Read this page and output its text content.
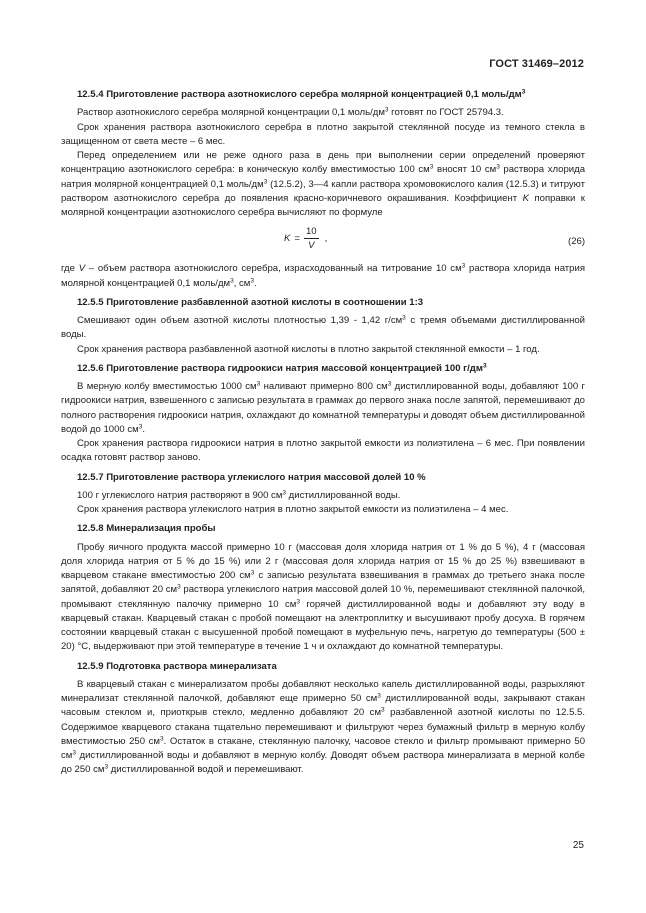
ГОСТ 31469–2012

12.5.4 Приготовление раствора азотнокислого серебра молярной концентрацией 0,1 моль/$дм^3$

Раствор азотнокислого серебра молярной концентрации 0,1 моль/$дм^3$ готовят по ГОСТ 25794.3.

Срок хранения раствора азотнокислого серебра в плотно закрытой стеклянной посуде из темного стекла в защищенном от света месте – 6 мес.

Перед определением или не реже одного раза в день при выполнении серии определений проверяют концентрацию азотнокислого серебра: в коническую колбу вместимостью 100 $см^3$ вносят 10 $см^3$ раствора хлорида натрия молярной концентрацией 0,1 моль/$дм^3$ (12.5.2), 3—4 капли раствора хромовокислого калия (12.5.3) и титруют раствором азотнокислого серебра до появления красно-коричневого окрашивания. Коэффициент K поправки к молярной концентрации азотнокислого серебра вычисляют по формуле

$K = \frac{10}{V}$ ,	(26)

где V – объем раствора азотнокислого серебра, израсходованный на титрование 10 $см^3$ раствора хлорида натрия молярной концентрацией 0,1 моль/$дм^3$, $см^3$.

12.5.5 Приготовление разбавленной азотной кислоты в соотношении 1:3

Смешивают один объем азотной кислоты плотностью 1,39 - 1,42 $г/см^3$ с тремя объемами дистиллированной воды.

Срок хранения раствора разбавленной азотной кислоты в плотно закрытой стеклянной емкости – 1 год.

12.5.6 Приготовление раствора гидроокиси натрия массовой концентрацией 100 $г/дм^3$

В мерную колбу вместимостью 1000 $см^3$ наливают примерно 800 $см^3$ дистиллированной воды, добавляют 100 г гидроокиси натрия, взвешенного с записью результата в граммах до первого знака после запятой, перемешивают до полного растворения гидроокиси натрия, охлаждают до комнатной температуры и доводят объем дистиллированной водой до 1000 $см^3$.

Срок хранения раствора гидроокиси натрия в плотно закрытой емкости из полиэтилена – 6 мес. При появлении осадка готовят раствор заново.

12.5.7 Приготовление раствора углекислого натрия массовой долей 10 %

100 г углекислого натрия растворяют в 900 $см^3$ дистиллированной воды.

Срок хранения раствора углекислого натрия в плотно закрытой емкости из полиэтилена – 4 мес.

12.5.8 Минерализация пробы

Пробу яичного продукта массой примерно 10 г (массовая доля хлорида натрия от 1 % до 5 %), 4 г (массовая доля хлорида натрия от 5 % до 15 %) или 2 г (массовая доля хлорида натрия от 15 % до 25 %) взвешивают в кварцевом стакане вместимостью 200 $см^3$ с записью результата взвешивания в граммах до третьего знака после запятой, добавляют 20 $см^3$ раствора углекислого натрия массовой долей 10 %, перемешивают стеклянной палочкой, промывают стеклянную палочку примерно 10 $см^3$ горячей дистиллированной воды и добавляют эту воду в кварцевый стакан. Кварцевый стакан с пробой помещают на электроплитку и высушивают пробу досуха. В горячем состоянии кварцевый стакан с высушенной пробой помещают в муфельную печь, нагретую до температуры (500 ± 20) °С, выдерживают при этой температуре в течение 1 ч и охлаждают до комнатной температуры.

12.5.9 Подготовка раствора минерализата

В кварцевый стакан с минерализатом пробы добавляют несколько капель дистиллированной воды, разрыхляют минерализат стеклянной палочкой, добавляют еще примерно 50 $см^3$ дистиллированной воды, закрывают стакан часовым стеклом и, приоткрыв стекло, медленно добавляют 20 $см^3$ разбавленной азотной кислоты по 12.5.5. Содержимое кварцевого стакана тщательно перемешивают и фильтруют через бумажный фильтр в мерную колбу вместимостью 250 $см^3$. Остаток в стакане, стеклянную палочку, часовое стекло и фильтр промывают примерно 50 $см^3$ дистиллированной воды и добавляют в мерную колбу. Доводят объем раствора минерализата в мерной колбе до 250 $см^3$ дистиллированной водой и перемешивают.

25
